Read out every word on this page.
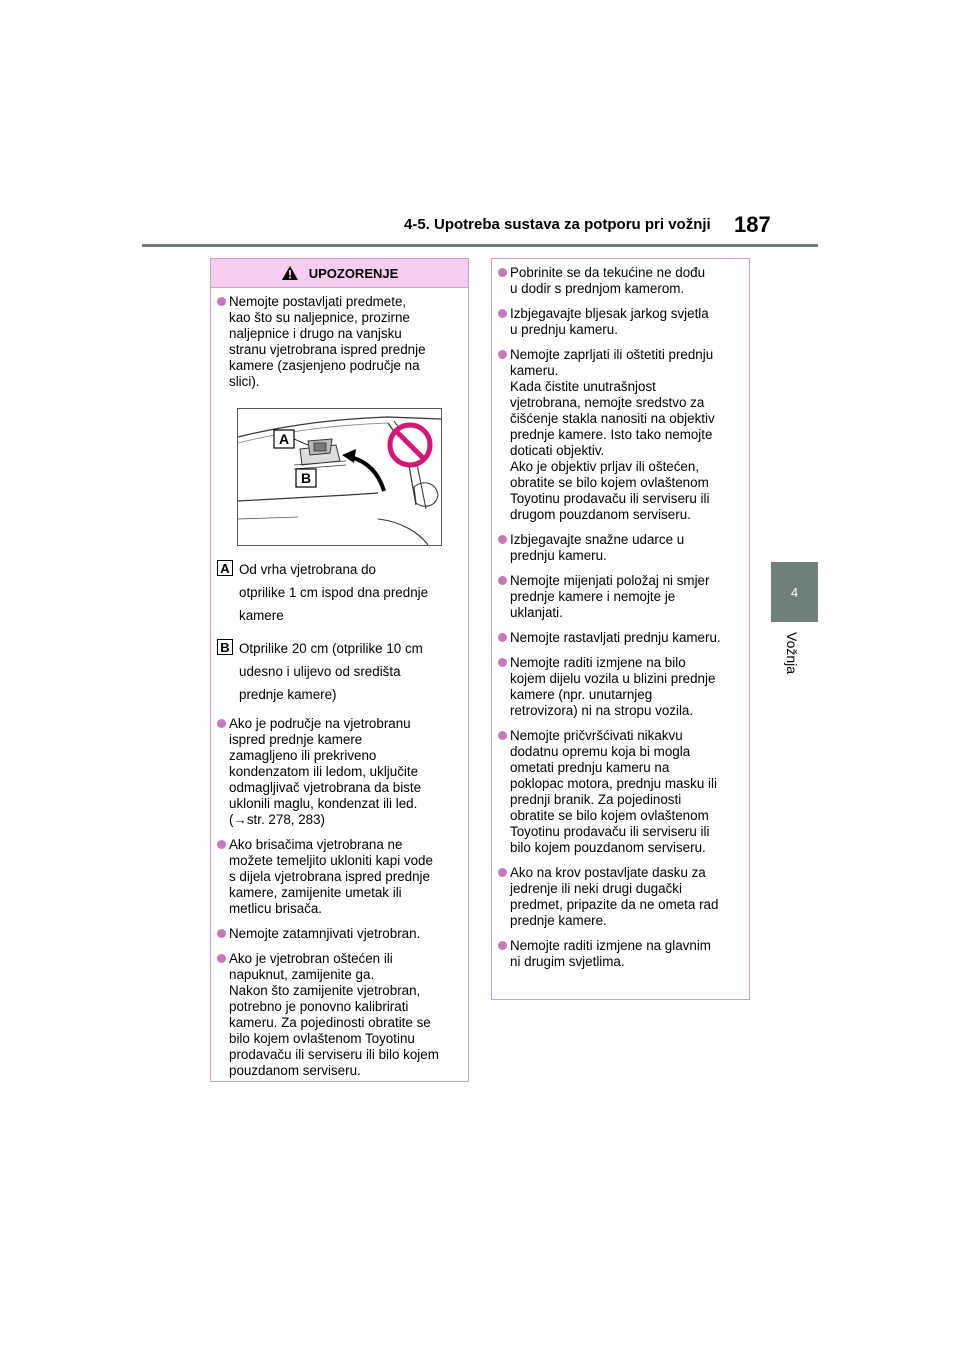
4-5. Upotreba sustava za potporu pri vožnji 187
4
Vožnja
UPOZORENJE
Nemojte postavljati predmete,
kao što su naljepnice, prozirne
naljepnice i drugo na vanjsku
stranu vjetrobrana ispred prednje
kamere (zasjenjeno područje na
slici).
A
B
A Od vrha vjetrobrana do
otprilike 1 cm ispod dna prednje
kamere
B Otprilike 20 cm (otprilike 10 cm
udesno i ulijevo od središta
prednje kamere)
Ako je područje na vjetrobranu
ispred prednje kamere
zamagljeno ili prekriveno
kondenzatom ili ledom, uključite
odmagljivač vjetrobrana da biste
uklonili maglu, kondenzat ili led.
(→str. 278, 283)
Ako brisačima vjetrobrana ne
možete temeljito ukloniti kapi vode
s dijela vjetrobrana ispred prednje
kamere, zamijenite umetak ili
metlicu brisača.
Nemojte zatamnjivati vjetrobran.
Ako je vjetrobran oštećen ili
napuknut, zamijenite ga.
Nakon što zamijenite vjetrobran,
potrebno je ponovno kalibrirati
kameru. Za pojedinosti obratite se
bilo kojem ovlaštenom Toyotinu
prodavaču ili serviseru ili bilo kojem
pouzdanom serviseru.
Pobrinite se da tekućine ne dođu
u dodir s prednjom kamerom.
Izbjegavajte bljesak jarkog svjetla
u prednju kameru.
Nemojte zaprljati ili oštetiti prednju
kameru.
Kada čistite unutrašnjost
vjetrobrana, nemojte sredstvo za
čišćenje stakla nanositi na objektiv
prednje kamere. Isto tako nemojte
doticati objektiv.
Ako je objektiv prljav ili oštećen,
obratite se bilo kojem ovlaštenom
Toyotinu prodavaču ili serviseru ili
drugom pouzdanom serviseru.
Izbjegavajte snažne udarce u
prednju kameru.
Nemojte mijenjati položaj ni smjer
prednje kamere i nemojte je
uklanjati.
Nemojte rastavljati prednju kameru.
Nemojte raditi izmjene na bilo
kojem dijelu vozila u blizini prednje
kamere (npr. unutarnjeg
retrovizora) ni na stropu vozila.
Nemojte pričvršćivati nikakvu
dodatnu opremu koja bi mogla
ometati prednju kameru na
poklopac motora, prednju masku ili
prednji branik. Za pojedinosti
obratite se bilo kojem ovlaštenom
Toyotinu prodavaču ili serviseru ili
bilo kojem pouzdanom serviseru.
Ako na krov postavljate dasku za
jedrenje ili neki drugi dugački
predmet, pripazite da ne ometa rad
prednje kamere.
Nemojte raditi izmjene na glavnim
ni drugim svjetlima.
